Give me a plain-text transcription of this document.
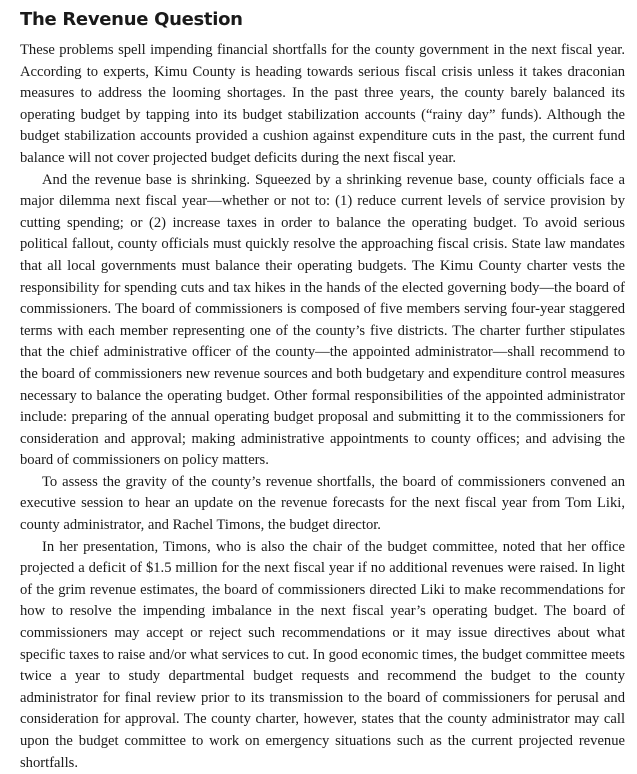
The Revenue Question

These problems spell impending financial shortfalls for the county government in the next fiscal year. According to experts, Kimu County is heading towards serious fiscal crisis unless it takes draconian measures to address the looming shortages. In the past three years, the county barely balanced its operating budget by tapping into its budget stabilization accounts (“rainy day” funds). Although the budget stabilization accounts provided a cushion against expenditure cuts in the past, the current fund balance will not cover projected budget deficits during the next fiscal year.

And the revenue base is shrinking. Squeezed by a shrinking revenue base, county officials face a major dilemma next fiscal year—whether or not to: (1) reduce current levels of service provision by cutting spending; or (2) increase taxes in order to balance the operating budget. To avoid serious political fallout, county officials must quickly resolve the approaching fiscal crisis. State law mandates that all local governments must balance their operating budgets. The Kimu County charter vests the responsibility for spending cuts and tax hikes in the hands of the elected governing body—the board of commissioners. The board of commissioners is composed of five members serving four-year staggered terms with each member representing one of the county’s five districts. The charter further stipulates that the chief administrative officer of the county—the appointed administrator—shall recommend to the board of commissioners new revenue sources and both budgetary and expenditure control measures necessary to balance the operating budget. Other formal responsibilities of the appointed administrator include: preparing of the annual operating budget proposal and submitting it to the commissioners for consideration and approval; making administrative appointments to county offices; and advising the board of commissioners on policy matters.

To assess the gravity of the county’s revenue shortfalls, the board of commissioners convened an executive session to hear an update on the revenue forecasts for the next fiscal year from Tom Liki, county administrator, and Rachel Timons, the budget director.

In her presentation, Timons, who is also the chair of the budget committee, noted that her office projected a deficit of $1.5 million for the next fiscal year if no additional revenues were raised. In light of the grim revenue estimates, the board of commissioners directed Liki to make recommendations for how to resolve the impending imbalance in the next fiscal year’s operating budget. The board of commissioners may accept or reject such recommendations or it may issue directives about what specific taxes to raise and/or what services to cut. In good economic times, the budget committee meets twice a year to study departmental budget requests and recommend the budget to the county administrator for final review prior to its transmission to the board of commissioners for perusal and consideration for approval. The county charter, however, states that the county administrator may call upon the budget committee to work on emergency situations such as the current projected revenue shortfalls.
